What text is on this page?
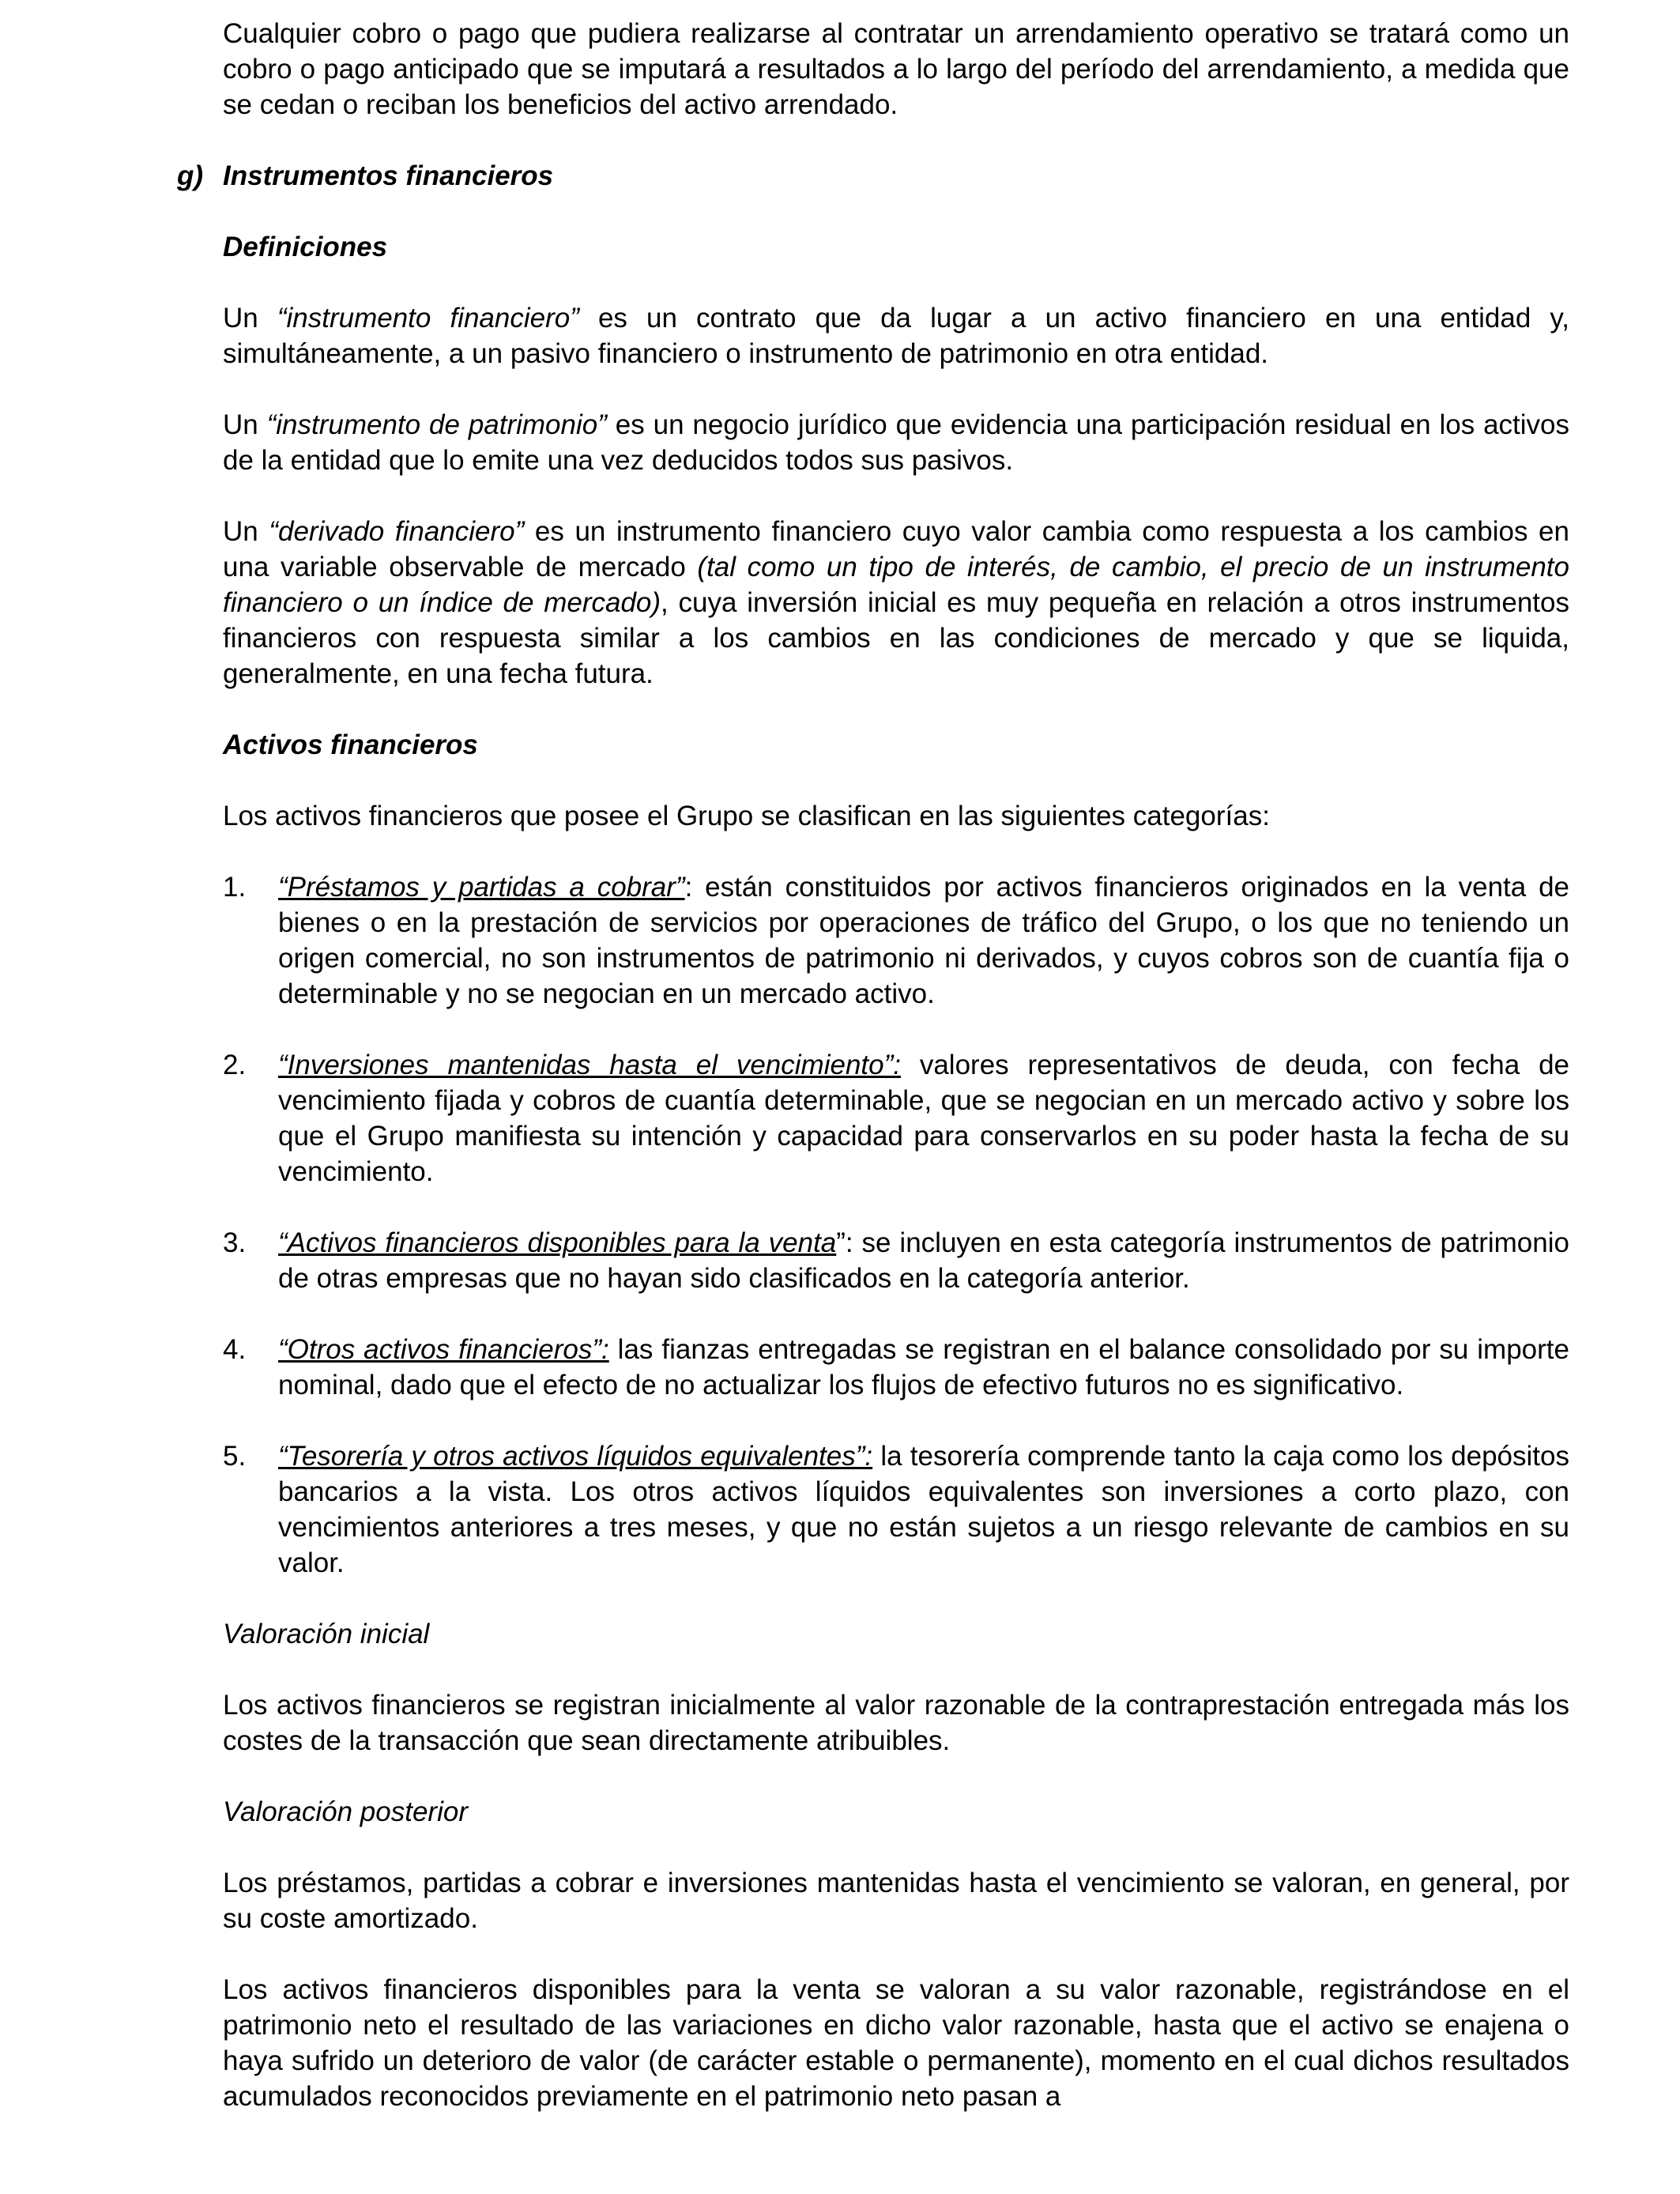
Cualquier cobro o pago que pudiera realizarse al contratar un arrendamiento operativo se tratará como un cobro o pago anticipado que se imputará a resultados a lo largo del período del arrendamiento, a medida que se cedan o reciban los beneficios del activo arrendado.

g) Instrumentos financieros

Definiciones

Un “instrumento financiero” es un contrato que da lugar a un activo financiero en una entidad y, simultáneamente, a un pasivo financiero o instrumento de patrimonio en otra entidad.

Un “instrumento de patrimonio” es un negocio jurídico que evidencia una participación residual en los activos de la entidad que lo emite una vez deducidos todos sus pasivos.

Un “derivado financiero” es un instrumento financiero cuyo valor cambia como respuesta a los cambios en una variable observable de mercado (tal como un tipo de interés, de cambio, el precio de un instrumento financiero o un índice de mercado), cuya inversión inicial es muy pequeña en relación a otros instrumentos financieros con respuesta similar a los cambios en las condiciones de mercado y que se liquida, generalmente, en una fecha futura.

Activos financieros

Los activos financieros que posee el Grupo se clasifican en las siguientes categorías:

1. “Préstamos y partidas a cobrar”: están constituidos por activos financieros originados en la venta de bienes o en la prestación de servicios por operaciones de tráfico del Grupo, o los que no teniendo un origen comercial, no son instrumentos de patrimonio ni derivados, y cuyos cobros son de cuantía fija o determinable y no se negocian en un mercado activo.

2. “Inversiones mantenidas hasta el vencimiento”: valores representativos de deuda, con fecha de vencimiento fijada y cobros de cuantía determinable, que se negocian en un mercado activo y sobre los que el Grupo manifiesta su intención y capacidad para conservarlos en su poder hasta la fecha de su vencimiento.

3. “Activos financieros disponibles para la venta”: se incluyen en esta categoría instrumentos de patrimonio de otras empresas que no hayan sido clasificados en la categoría anterior.

4. “Otros activos financieros”: las fianzas entregadas se registran en el balance consolidado por su importe nominal, dado que el efecto de no actualizar los flujos de efectivo futuros no es significativo.

5. “Tesorería y otros activos líquidos equivalentes”: la tesorería comprende tanto la caja como los depósitos bancarios a la vista. Los otros activos líquidos equivalentes son inversiones a corto plazo, con vencimientos anteriores a tres meses, y que no están sujetos a un riesgo relevante de cambios en su valor.

Valoración inicial

Los activos financieros se registran inicialmente al valor razonable de la contraprestación entregada más los costes de la transacción que sean directamente atribuibles.

Valoración posterior

Los préstamos, partidas a cobrar e inversiones mantenidas hasta el vencimiento se valoran, en general, por su coste amortizado.

Los activos financieros disponibles para la venta se valoran a su valor razonable, registrándose en el patrimonio neto el resultado de las variaciones en dicho valor razonable, hasta que el activo se enajena o haya sufrido un deterioro de valor (de carácter estable o permanente), momento en el cual dichos resultados acumulados reconocidos previamente en el patrimonio neto pasan a
